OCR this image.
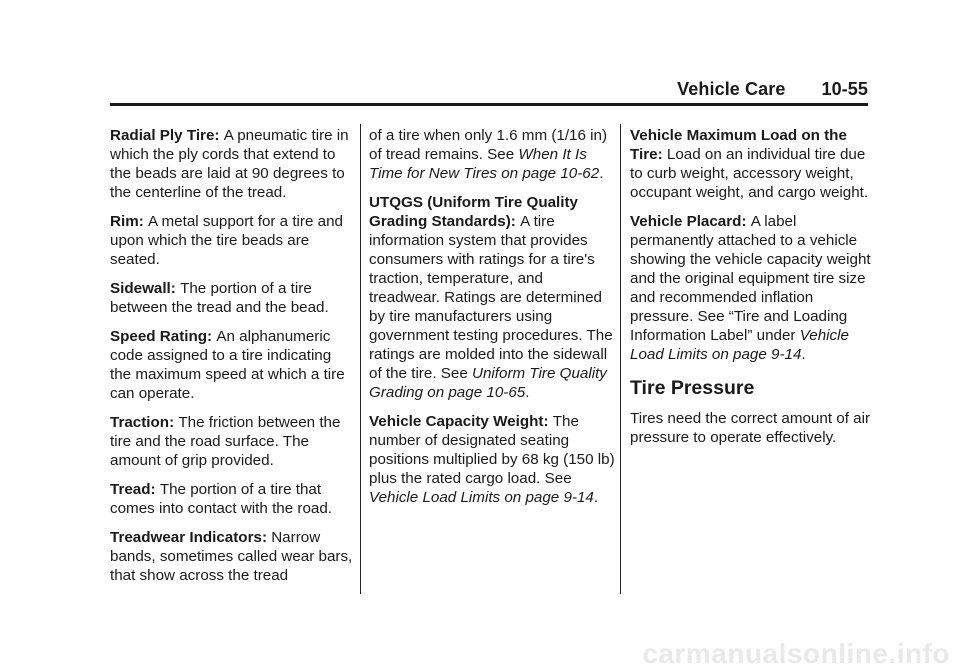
Vehicle Care 10-55

Radial Ply Tire: A pneumatic tire in which the ply cords that extend to the beads are laid at 90 degrees to the centerline of the tread.

Rim: A metal support for a tire and upon which the tire beads are seated.

Sidewall: The portion of a tire between the tread and the bead.

Speed Rating: An alphanumeric code assigned to a tire indicating the maximum speed at which a tire can operate.

Traction: The friction between the tire and the road surface. The amount of grip provided.

Tread: The portion of a tire that comes into contact with the road.

Treadwear Indicators: Narrow bands, sometimes called wear bars, that show across the tread

of a tire when only 1.6 mm (1/16 in) of tread remains. See When It Is Time for New Tires on page 10-62.

UTQGS (Uniform Tire Quality Grading Standards): A tire information system that provides consumers with ratings for a tire's traction, temperature, and treadwear. Ratings are determined by tire manufacturers using government testing procedures. The ratings are molded into the sidewall of the tire. See Uniform Tire Quality Grading on page 10-65.

Vehicle Capacity Weight: The number of designated seating positions multiplied by 68 kg (150 lb) plus the rated cargo load. See Vehicle Load Limits on page 9-14.

Vehicle Maximum Load on the Tire: Load on an individual tire due to curb weight, accessory weight, occupant weight, and cargo weight.

Vehicle Placard: A label permanently attached to a vehicle showing the vehicle capacity weight and the original equipment tire size and recommended inflation pressure. See “Tire and Loading Information Label” under Vehicle Load Limits on page 9-14.

Tire Pressure

Tires need the correct amount of air pressure to operate effectively.

carmanualsonline.info
